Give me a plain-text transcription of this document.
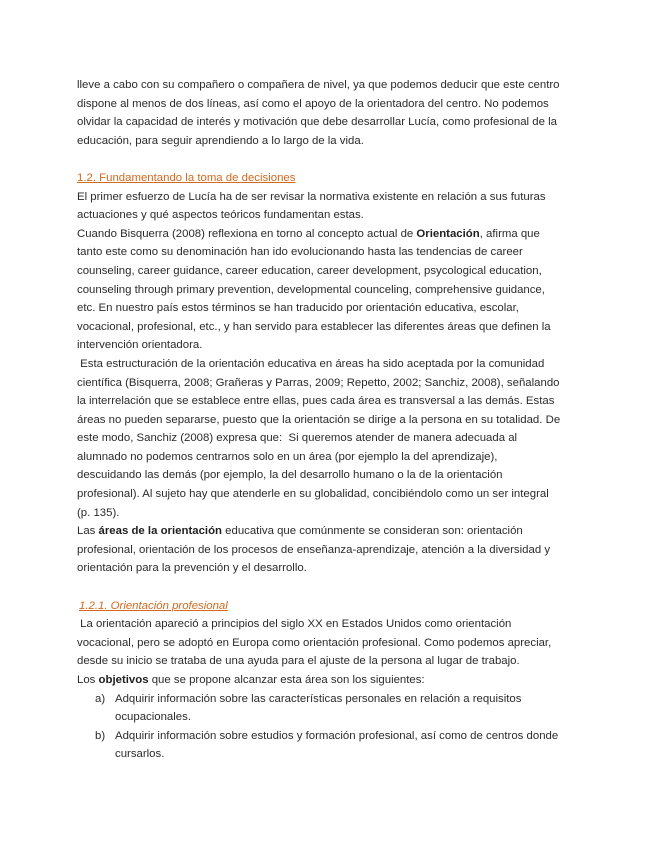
lleve a cabo con su compañero o compañera de nivel, ya que podemos deducir que este centro

dispone al menos de dos líneas, así como el apoyo de la orientadora del centro. No podemos

olvidar la capacidad de interés y motivación que debe desarrollar Lucía, como profesional de la

educación, para seguir aprendiendo a lo largo de la vida.

1.2. Fundamentando la toma de decisiones

El primer esfuerzo de Lucía ha de ser revisar la normativa existente en relación a sus futuras

actuaciones y qué aspectos teóricos fundamentan estas.

Cuando Bisquerra (2008) reflexiona en torno al concepto actual de Orientación, afirma que

tanto este como su denominación han ido evolucionando hasta las tendencias de career

counseling, career guidance, career education, career development, psycological education,

counseling through primary prevention, developmental counceling, comprehensive guidance,

etc. En nuestro país estos términos se han traducido por orientación educativa, escolar,

vocacional, profesional, etc., y han servido para establecer las diferentes áreas que definen la

intervención orientadora.

Esta estructuración de la orientación educativa en áreas ha sido aceptada por la comunidad

científica (Bisquerra, 2008; Grañeras y Parras, 2009; Repetto, 2002; Sanchiz, 2008), señalando

la interrelación que se establece entre ellas, pues cada área es transversal a las demás. Estas

áreas no pueden separarse, puesto que la orientación se dirige a la persona en su totalidad. De

este modo, Sanchiz (2008) expresa que:  Si queremos atender de manera adecuada al

alumnado no podemos centrarnos solo en un área (por ejemplo la del aprendizaje),

descuidando las demás (por ejemplo, la del desarrollo humano o la de la orientación

profesional). Al sujeto hay que atenderle en su globalidad, concibiéndolo como un ser integral

(p. 135).

Las áreas de la orientación educativa que comúnmente se consideran son: orientación

profesional, orientación de los procesos de enseñanza-aprendizaje, atención a la diversidad y

orientación para la prevención y el desarrollo.

1.2.1. Orientación profesional

La orientación apareció a principios del siglo XX en Estados Unidos como orientación

vocacional, pero se adoptó en Europa como orientación profesional. Como podemos apreciar,

desde su inicio se trataba de una ayuda para el ajuste de la persona al lugar de trabajo.

Los objetivos que se propone alcanzar esta área son los siguientes:

a) Adquirir información sobre las características personales en relación a requisitos
ocupacionales.
b) Adquirir información sobre estudios y formación profesional, así como de centros donde
cursarlos.
